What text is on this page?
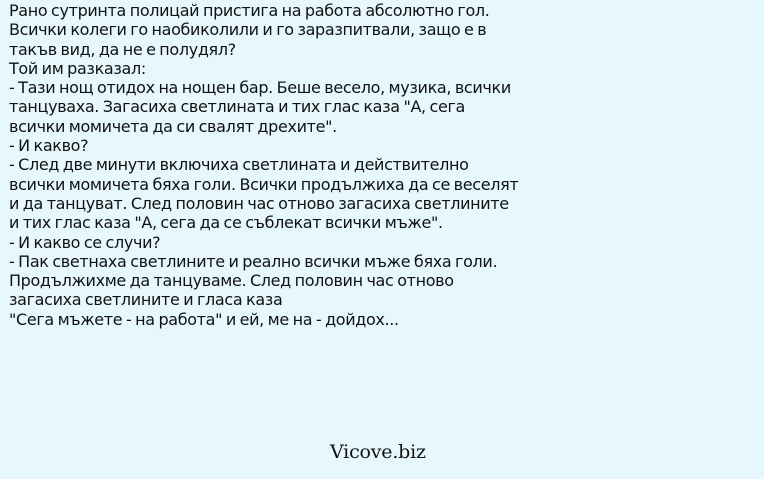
Рано сутринта полицай пристига на работа абсолютно гол.
Всички колеги го наобиколили и го заразпитвали, защо е в
такъв вид, да не е полудял?
Той им разказал:
- Тази нощ отидох на нощен бар. Беше весело, музика, всички
танцуваха. Загасиха светлината и тих глас каза "А, сега
всички момичета да си свалят дрехите".
- И какво?
- След две минути включиха светлината и действително
всички момичета бяха голи. Всички продължиха да се веселят
и да танцуват. След половин час отново загасиха светлините
и тих глас каза "А, сега да се съблекат всички мъже".
- И какво се случи?
- Пак светнаха светлините и реално всички мъже бяха голи.
Продължихме да танцуваме. След половин час отново
загасиха светлините и гласа каза
"Сега мъжете - на работа" и ей, ме на - дойдох...
Vicove.biz
